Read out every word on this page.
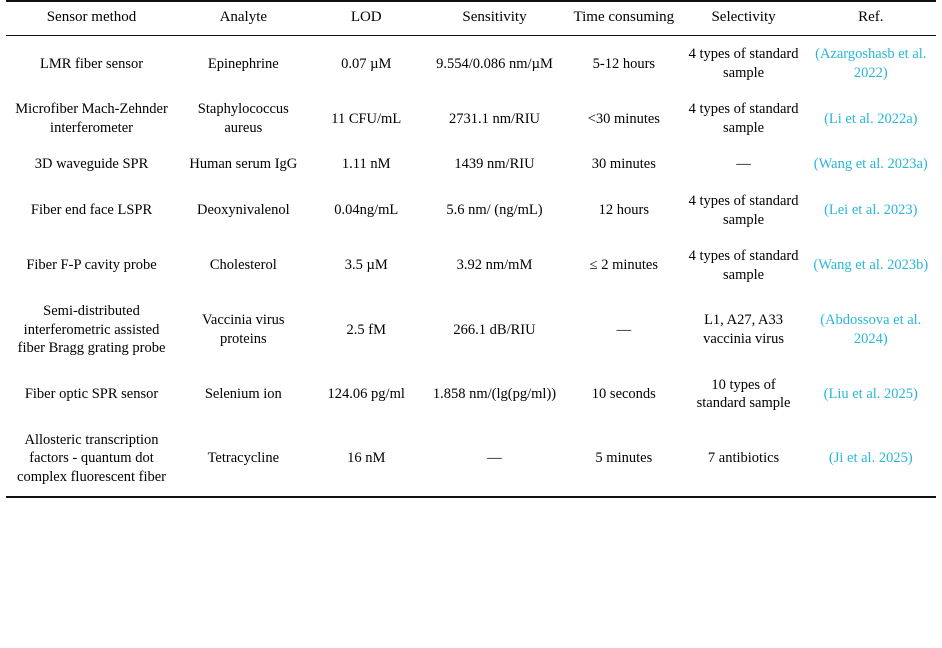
Sensor method	Analyte	LOD	Sensitivity	Time consuming	Selectivity	Ref.
LMR fiber sensor	Epinephrine	0.07 µM	9.554/0.086 nm/µM	5-12 hours	4 types of standard sample	(Azargoshasb et al. 2022)
Microfiber Mach-Zehnder interferometer	Staphylococcus aureus	11 CFU/mL	2731.1 nm/RIU	<30 minutes	4 types of standard sample	(Li et al. 2022a)
3D waveguide SPR	Human serum IgG	1.11 nM	1439 nm/RIU	30 minutes	—	(Wang et al. 2023a)
Fiber end face LSPR	Deoxynivalenol	0.04ng/mL	5.6 nm/ (ng/mL)	12 hours	4 types of standard sample	(Lei et al. 2023)
Fiber F-P cavity probe	Cholesterol	3.5 µM	3.92 nm/mM	≤ 2 minutes	4 types of standard sample	(Wang et al. 2023b)
Semi-distributed interferometric assisted fiber Bragg grating probe	Vaccinia virus proteins	2.5 fM	266.1 dB/RIU	—	L1, A27, A33 vaccinia virus	(Abdossova et al. 2024)
Fiber optic SPR sensor	Selenium ion	124.06 pg/ml	1.858 nm/(lg(pg/ml))	10 seconds	10 types of standard sample	(Liu et al. 2025)
Allosteric transcription factors - quantum dot complex fluorescent fiber	Tetracycline	16 nM	—	5 minutes	7 antibiotics	(Ji et al. 2025)
